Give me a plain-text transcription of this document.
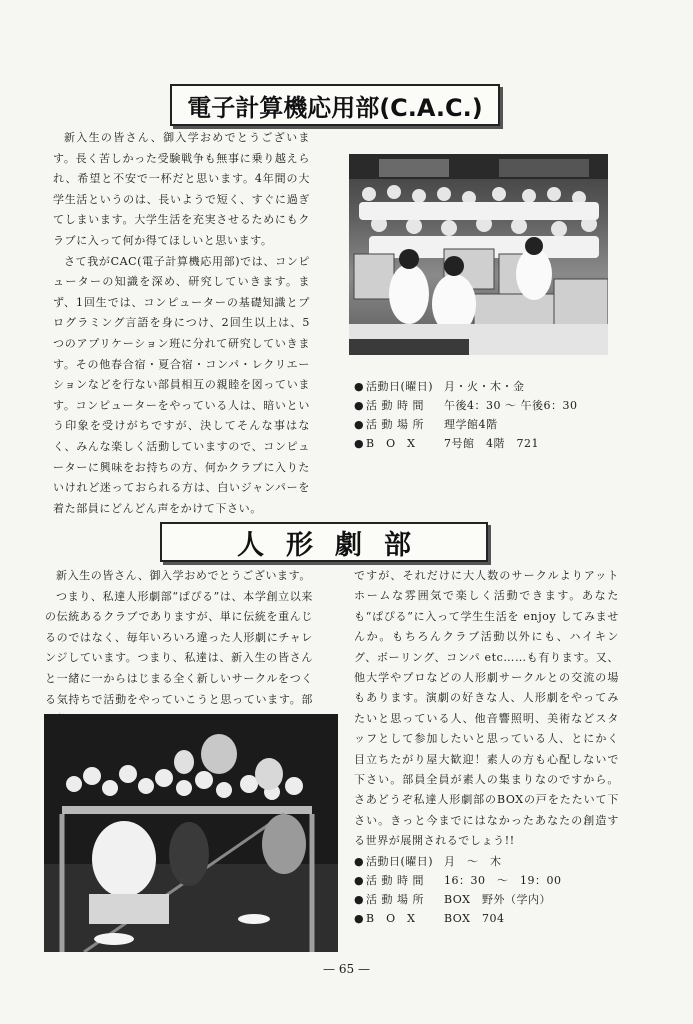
電子計算機応用部(C.A.C.)

新入生の皆さん、御入学おめでとうございます。長く苦しかった受験戦争も無事に乗り越えられ、希望と不安で一杯だと思います。4年間の大学生活というのは、長いようで短く、すぐに過ぎてしまいます。大学生活を充実させるためにもクラブに入って何か得てほしいと思います。

さて我がCAC(電子計算機応用部)では、コンピューターの知識を深め、研究していきます。まず、1回生では、コンピューターの基礎知識とプログラミング言語を身につけ、2回生以上は、5つのアプリケーション班に分れて研究していきます。その他春合宿・夏合宿・コンパ・レクリエーションなどを行ない部員相互の親睦を図っています。コンピューターをやっている人は、暗いという印象を受けがちですが、決してそんな事はなく、みんな楽しく活動していますので、コンピューターに興味をお持ちの方、何かクラブに入りたいけれど迷っておられる方は、白いジャンパーを着た部員にどんどん声をかけて下さい。

● 活動日(曜日) 月・火・木・金
● 活 動 時 間	午後4：30 〜 午後6：30
● 活 動 場 所	理学館4階
● B　O　X	7号館　4階　721
人形劇部

新入生の皆さん、御入学おめでとうございます。

つまり、私達人形劇部“ぱぴる”は、本学創立以来の伝統あるクラブでありますが、単に伝統を重んじるのではなく、毎年いろいろ違った人形劇にチャレンジしています。つまり、私達は、新入生の皆さんと一緒に一からはじまる全く新しいサークルをつくる気持ちで活動をやっていこうと思っています。部

ですが、それだけに大人数のサークルよりアットホームな雰囲気で楽しく活動できます。あなたも“ぱぴる”に入って学生生活を enjoy してみませんか。もちろんクラブ活動以外にも、ハイキング、ボーリング、コンパ etc……も有ります。又、他大学やプロなどの人形劇サークルとの交流の場もあります。演劇の好きな人、人形劇をやってみたいと思っている人、他音響照明、美術などスタッフとして参加したいと思っている人、とにかく目立ちたがり屋大歓迎！素人の方も心配しないで下さい。部員全員が素人の集まりなのですから。さあどうぞ私達人形劇部のBOXの戸をたたいて下さい。きっと今までにはなかったあなたの創造する世界が展開されるでしょう!!

● 活動日(曜日) 月　〜　木
● 活 動 時 間	16：30　〜　19：00
● 活 動 場 所	BOX　野外（学内）
● B　O　X	BOX　704
— 65 —
